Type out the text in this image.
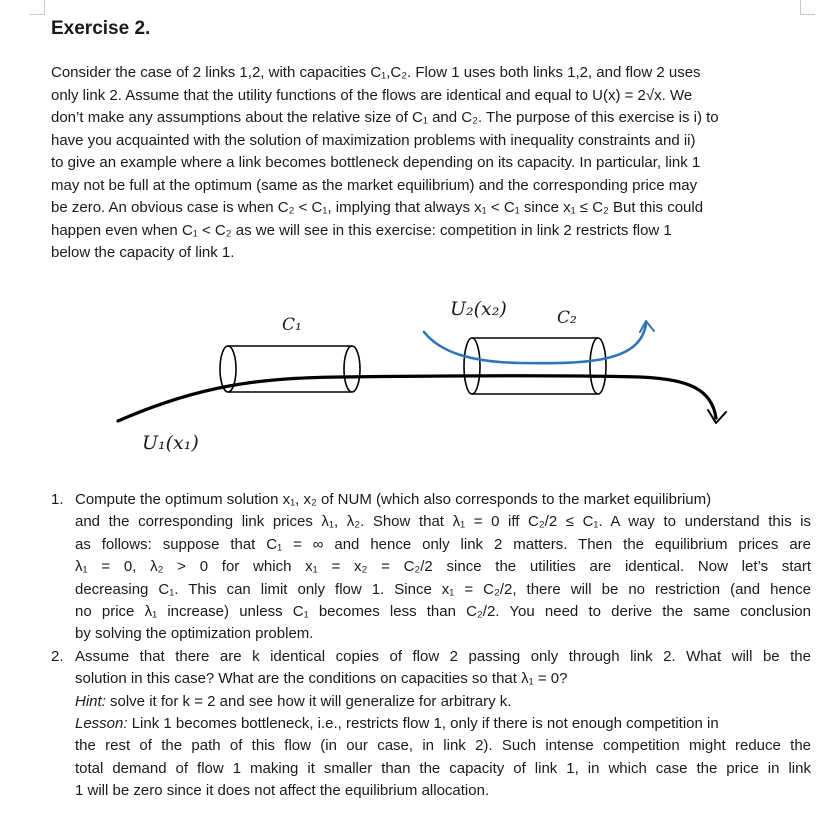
Exercise 2.

Consider the case of 2 links 1,2, with capacities C₁,C₂. Flow 1 uses both links 1,2, and flow 2 uses
only link 2. Assume that the utility functions of the flows are identical and equal to U(x) = 2√x. We
don’t make any assumptions about the relative size of C₁ and C₂. The purpose of this exercise is i) to
have you acquainted with the solution of maximization problems with inequality constraints and ii)
to give an example where a link becomes bottleneck depending on its capacity. In particular, link 1
may not be full at the optimum (same as the market equilibrium) and the corresponding price may
be zero. An obvious case is when C₂ < C₁, implying that always x₁ < C₁ since x₁ ≤ C₂ But this could
happen even when C₁ < C₂ as we will see in this exercise: competition in link 2 restricts flow 1
below the capacity of link 1.

C₁
U₂(x₂)	C₂
U₁(x₁)
1. Compute the optimum solution x₁, x₂ of NUM (which also corresponds to the market equilibrium)
and the corresponding link prices λ₁, λ₂. Show that λ₁ = 0 iff C₂/2 ≤ C₁. A way to understand this is
as follows: suppose that C₁ = ∞ and hence only link 2 matters. Then the equilibrium prices are
λ₁ = 0, λ₂ > 0 for which x₁ = x₂ = C₂/2 since the utilities are identical. Now let’s start
decreasing C₁. This can limit only flow 1. Since x₁ = C₂/2, there will be no restriction (and hence
no price λ₁ increase) unless C₁ becomes less than C₂/2. You need to derive the same conclusion
by solving the optimization problem.
2. Assume that there are k identical copies of flow 2 passing only through link 2. What will be the
solution in this case? What are the conditions on capacities so that λ₁ = 0?
Hint: solve it for k = 2 and see how it will generalize for arbitrary k.
Lesson: Link 1 becomes bottleneck, i.e., restricts flow 1, only if there is not enough competition in
the rest of the path of this flow (in our case, in link 2). Such intense competition might reduce the
total demand of flow 1 making it smaller than the capacity of link 1, in which case the price in link
1 will be zero since it does not affect the equilibrium allocation.
